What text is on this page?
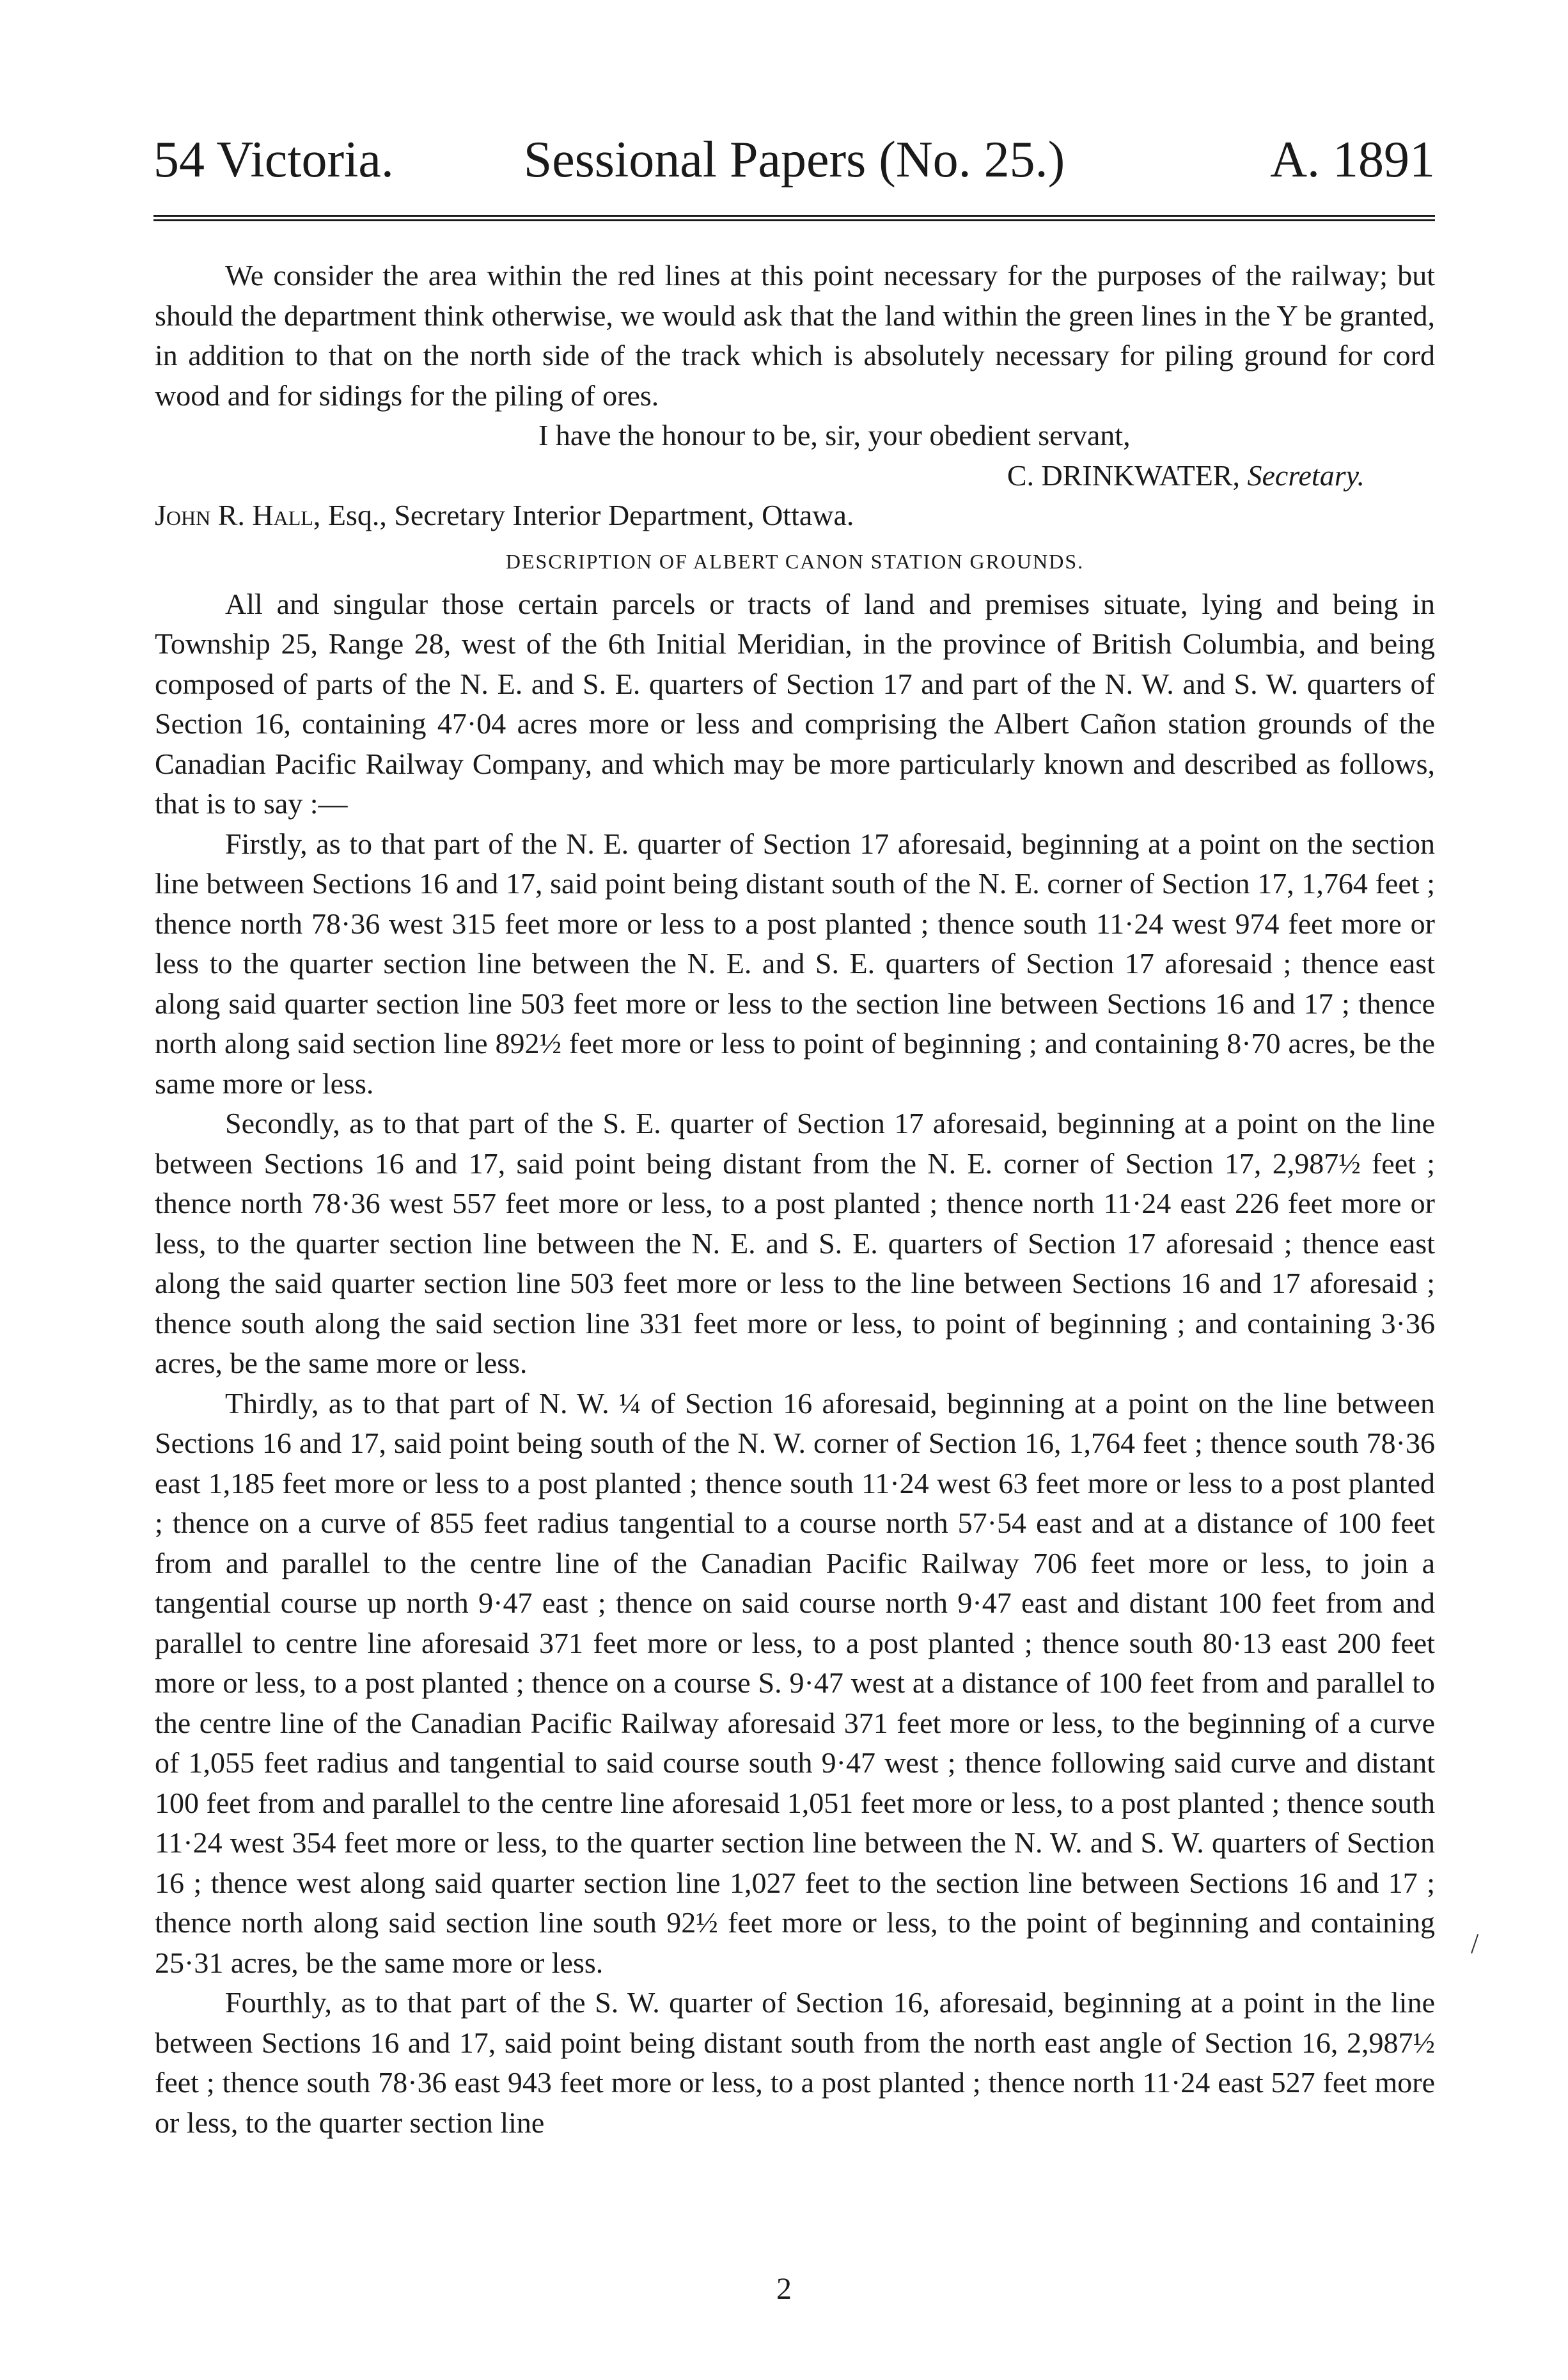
54 Victoria.	Sessional Papers (No. 25.)	A. 1891

We consider the area within the red lines at this point necessary for the purposes of the railway; but should the department think otherwise, we would ask that the land within the green lines in the Y be granted, in addition to that on the north side of the track which is absolutely necessary for piling ground for cord wood and for sidings for the piling of ores.

I have the honour to be, sir, your obedient servant,

C. DRINKWATER, Secretary.

John R. Hall, Esq., Secretary Interior Department, Ottawa.

DESCRIPTION OF ALBERT CANON STATION GROUNDS.

All and singular those certain parcels or tracts of land and premises situate, lying and being in Township 25, Range 28, west of the 6th Initial Meridian, in the province of British Columbia, and being composed of parts of the N. E. and S. E. quarters of Section 17 and part of the N. W. and S. W. quarters of Section 16, containing 47·04 acres more or less and comprising the Albert Cañon station grounds of the Canadian Pacific Railway Company, and which may be more particularly known and described as follows, that is to say :—

Firstly, as to that part of the N. E. quarter of Section 17 aforesaid, beginning at a point on the section line between Sections 16 and 17, said point being distant south of the N. E. corner of Section 17, 1,764 feet ; thence north 78·36 west 315 feet more or less to a post planted ; thence south 11·24 west 974 feet more or less to the quarter section line between the N. E. and S. E. quarters of Section 17 aforesaid ; thence east along said quarter section line 503 feet more or less to the section line between Sections 16 and 17 ; thence north along said section line 892½ feet more or less to point of beginning ; and containing 8·70 acres, be the same more or less.

Secondly, as to that part of the S. E. quarter of Section 17 aforesaid, beginning at a point on the line between Sections 16 and 17, said point being distant from the N. E. corner of Section 17, 2,987½ feet ; thence north 78·36 west 557 feet more or less, to a post planted ; thence north 11·24 east 226 feet more or less, to the quarter section line between the N. E. and S. E. quarters of Section 17 aforesaid ; thence east along the said quarter section line 503 feet more or less to the line between Sections 16 and 17 aforesaid ; thence south along the said section line 331 feet more or less, to point of beginning ; and containing 3·36 acres, be the same more or less.

Thirdly, as to that part of N. W. ¼ of Section 16 aforesaid, beginning at a point on the line between Sections 16 and 17, said point being south of the N. W. corner of Section 16, 1,764 feet ; thence south 78·36 east 1,185 feet more or less to a post planted ; thence south 11·24 west 63 feet more or less to a post planted ; thence on a curve of 855 feet radius tangential to a course north 57·54 east and at a distance of 100 feet from and parallel to the centre line of the Canadian Pacific Railway 706 feet more or less, to join a tangential course up north 9·47 east ; thence on said course north 9·47 east and distant 100 feet from and parallel to centre line aforesaid 371 feet more or less, to a post planted ; thence south 80·13 east 200 feet more or less, to a post planted ; thence on a course S. 9·47 west at a distance of 100 feet from and parallel to the centre line of the Canadian Pacific Railway aforesaid 371 feet more or less, to the beginning of a curve of 1,055 feet radius and tangential to said course south 9·47 west ; thence following said curve and distant 100 feet from and parallel to the centre line aforesaid 1,051 feet more or less, to a post planted ; thence south 11·24 west 354 feet more or less, to the quarter section line between the N. W. and S. W. quarters of Section 16 ; thence west along said quarter section line 1,027 feet to the section line between Sections 16 and 17 ; thence north along said section line south 92½ feet more or less, to the point of beginning and containing 25·31 acres, be the same more or less.

Fourthly, as to that part of the S. W. quarter of Section 16, aforesaid, beginning at a point in the line between Sections 16 and 17, said point being distant south from the north east angle of Section 16, 2,987½ feet ; thence south 78·36 east 943 feet more or less, to a post planted ; thence north 11·24 east 527 feet more or less, to the quarter section line

/
2
